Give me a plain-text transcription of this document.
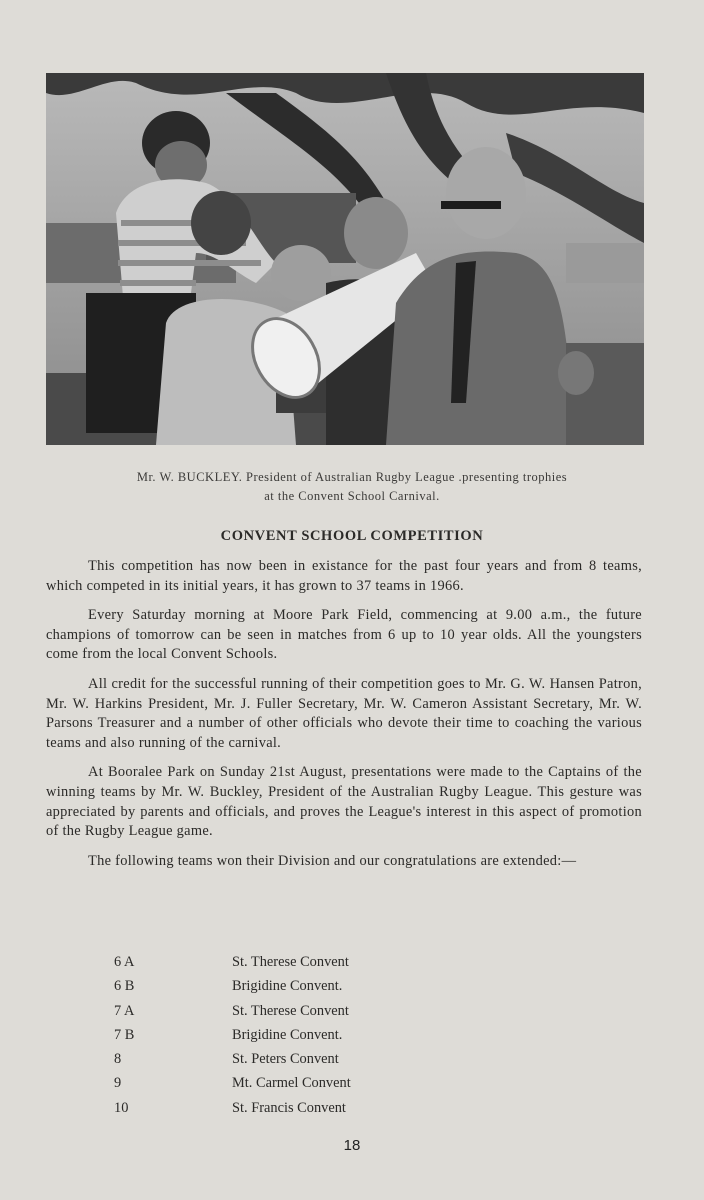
Mr. W. BUCKLEY. President of Australian Rugby League .presenting trophies
at the Convent School Carnival.
CONVENT SCHOOL COMPETITION

This competition has now been in existance for the past four years and from 8 teams, which competed in its initial years, it has grown to 37 teams in 1966.

Every Saturday morning at Moore Park Field, commencing at 9.00 a.m., the future champions of tomorrow can be seen in matches from 6 up to 10 year olds. All the youngsters come from the local Convent Schools.

All credit for the successful running of their competition goes to Mr. G. W. Hansen Patron, Mr. W. Harkins President, Mr. J. Fuller Secretary, Mr. W. Cameron Assistant Secretary, Mr. W. Parsons Treasurer and a number of other officials who devote their time to coaching the various teams and also running of the carnival.

At Booralee Park on Sunday 21st August, presentations were made to the Captains of the winning teams by Mr. W. Buckley, President of the Australian Rugby League. This gesture was appreciated by parents and officials, and proves the League's interest in this aspect of promotion of the Rugby League game.

The following teams won their Division and our congratulations are extended:—

6 A	St. Therese Convent
6 B	Brigidine Convent.
7 A	St. Therese Convent
7 B	Brigidine Convent.
8	St. Peters Convent
9	Mt. Carmel Convent
10	St. Francis Convent
18
